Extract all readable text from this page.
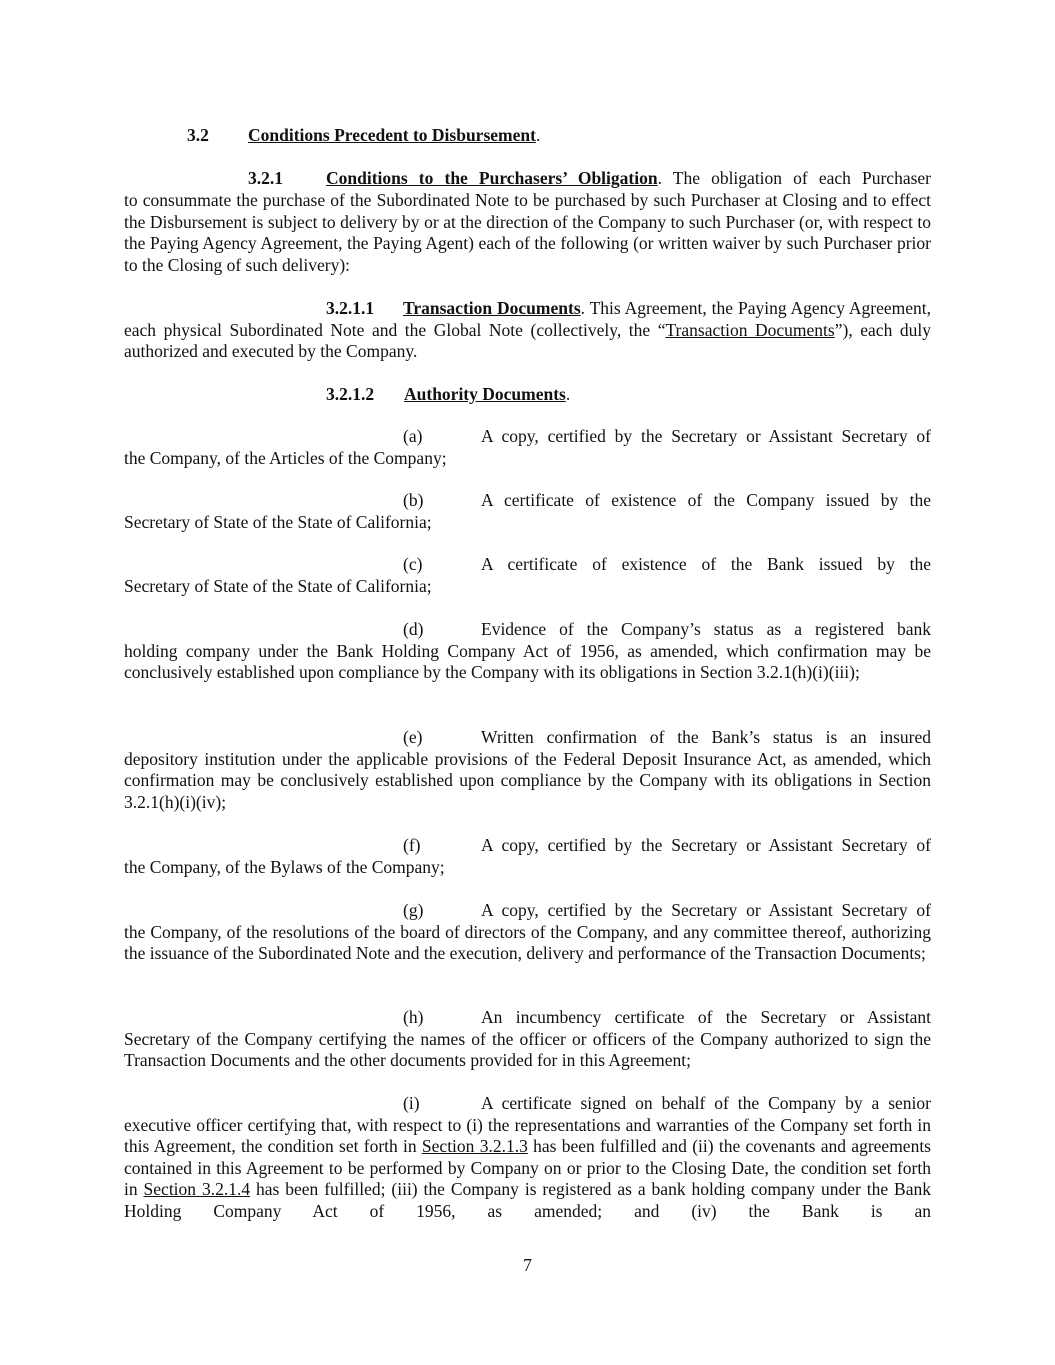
3.2 Conditions Precedent to Disbursement.
3.2.1	Conditions to the Purchasers’ Obligation. The obligation of each Purchaser

to consummate the purchase of the Subordinated Note to be purchased by such Purchaser at Closing and to effect the Disbursement is subject to delivery by or at the direction of the Company to such Purchaser (or, with respect to the Paying Agency Agreement, the Paying Agent) each of the following (or written waiver by such Purchaser prior to the Closing of such delivery):

3.2.1.1	Transaction Documents. This Agreement, the Paying Agency Agreement, each physical Subordinated Note and the Global Note (collectively, the “Transaction Documents”), each duly authorized and executed by the Company.

3.2.1.2 Authority Documents.
(a)	A copy, certified by the Secretary or Assistant Secretary of
the Company, of the Articles of the Company;
(b)	A certificate of existence of the Company issued by the
Secretary of State of the State of California;
(c)	A certificate of existence of the Bank issued by the
Secretary of State of the State of California;
(d)	Evidence of the Company’s status as a registered bank
holding company under the Bank Holding Company Act of 1956, as amended, which confirmation may be conclusively established upon compliance by the Company with its obligations in Section 3.2.1(h)(i)(iii);
(e)	Written confirmation of the Bank’s status is an insured
depository institution under the applicable provisions of the Federal Deposit Insurance Act, as amended, which confirmation may be conclusively established upon compliance by the Company with its obligations in Section 3.2.1(h)(i)(iv);
(f)	A copy, certified by the Secretary or Assistant Secretary of
the Company, of the Bylaws of the Company;
(g)	A copy, certified by the Secretary or Assistant Secretary of
the Company, of the resolutions of the board of directors of the Company, and any committee thereof, authorizing the issuance of the Subordinated Note and the execution, delivery and performance of the Transaction Documents;
(h)	An incumbency certificate of the Secretary or Assistant
Secretary of the Company certifying the names of the officer or officers of the Company authorized to sign the Transaction Documents and the other documents provided for in this Agreement;
(i)	A certificate signed on behalf of the Company by a senior
executive officer certifying that, with respect to (i) the representations and warranties of the Company set forth in this Agreement, the condition set forth in Section 3.2.1.3 has been fulfilled and (ii) the covenants and agreements contained in this Agreement to be performed by Company on or prior to the Closing Date, the condition set forth in Section 3.2.1.4 has been fulfilled; (iii) the Company is registered as a bank holding company under the Bank Holding Company Act of 1956, as amended; and (iv) the Bank is an
7
